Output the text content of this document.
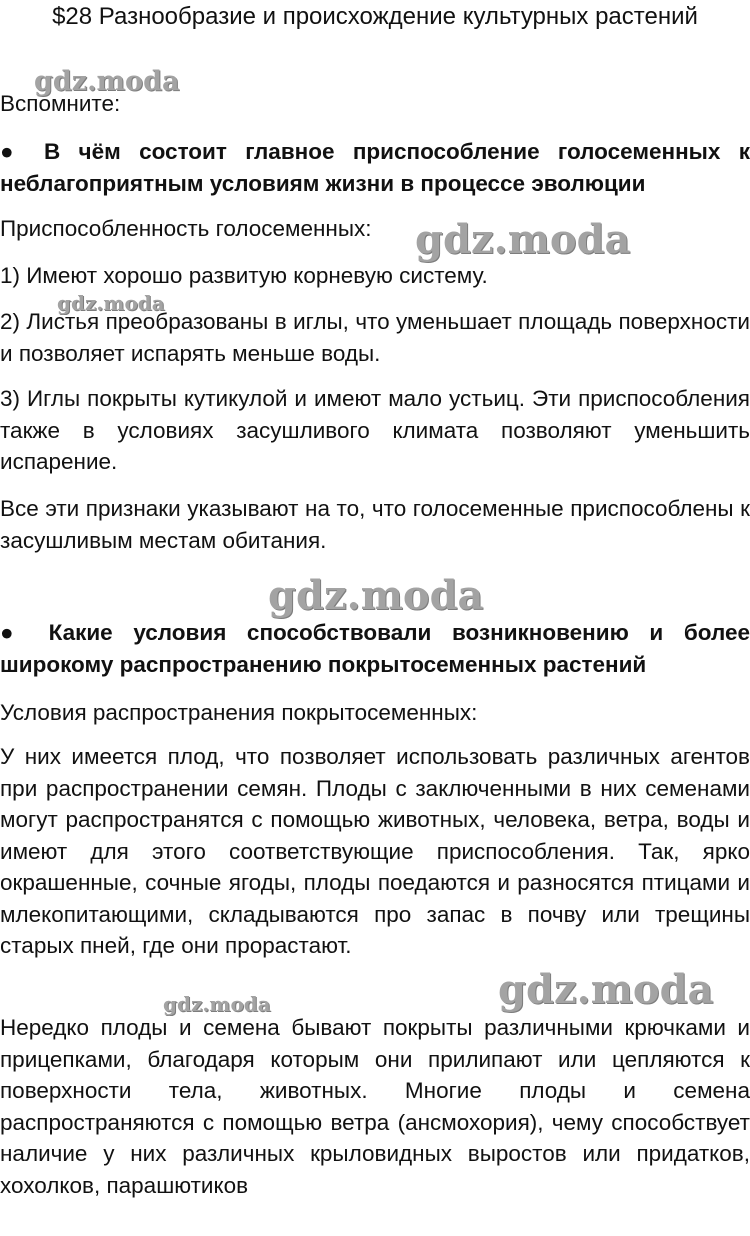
$28 Разнообразие и происхождение культурных растений
gdz.moda

Вспомните:

● В чём состоит главное приспособление голосеменных к неблагоприятным условиям жизни в процессе эволюции

Приспособленность голосеменных:	gdz.moda

1) Имеют хорошо развитую корневую систему.

gdz.moda

2) Листья преобразованы в иглы, что уменьшает площадь поверхности и позволяет испарять меньше воды.

3) Иглы покрыты кутикулой и имеют мало устьиц. Эти приспособления также в условиях засушливого климата позволяют уменьшить испарение.

Все эти признаки указывают на то, что голосеменные приспособлены к засушливым местам обитания.

gdz.moda

● Какие условия способствовали возникновению и более широкому распространению покрытосеменных растений

Условия распространения покрытосеменных:

У них имеется плод, что позволяет использовать различных агентов при распространении семян. Плоды с заключенными в них семенами могут распространятся с помощью животных, человека, ветра, воды и имеют для этого соответствующие приспособления. Так, ярко окрашенные, сочные ягоды, плоды поедаются и разносятся птицами и млекопитающими, складываются про запас в почву или трещины старых пней, где они прорастают.

gdz.moda
gdz.moda

Нередко плоды и семена бывают покрыты различными крючками и прицепками, благодаря которым они прилипают или цепляются к поверхности тела, животных. Многие плоды и семена распространяются с помощью ветра (ансмохория), чему способствует наличие у них различных крыловидных выростов или придатков, хохолков, парашютиков
